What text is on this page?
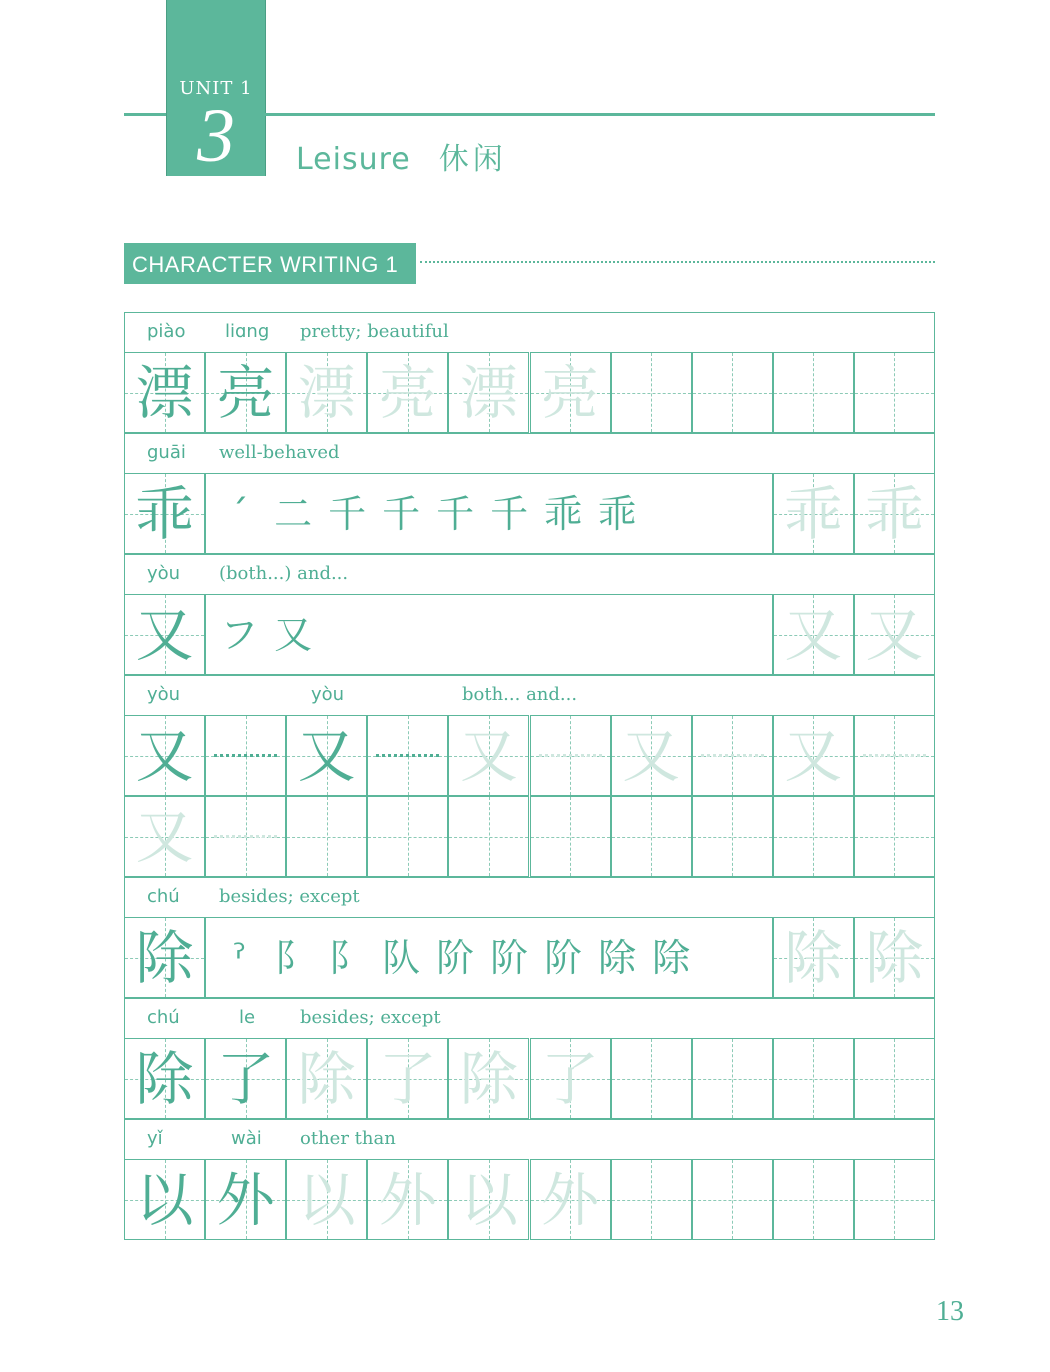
UNIT 1
3	Leisure 休闲
CHARACTER WRITING 1
piào liɑng pretty; beautiful
漂 亮 漂 亮 漂 亮
guāi well-behaved
乖 ˊ 二 千 千 千 千 乖 乖	乖 乖
yòu (both...) and...
又 フ 又	又 又
yòu	yòu	both... and...
又 又 又 又 又
又
chú besides; except
除	ˀ 阝 阝 队 阶 阶 阶 除 除 除 除
chú	le besides; except
除 了 除 了 除 了
yǐ	wài other than
以 外 以 外 以 外
13
